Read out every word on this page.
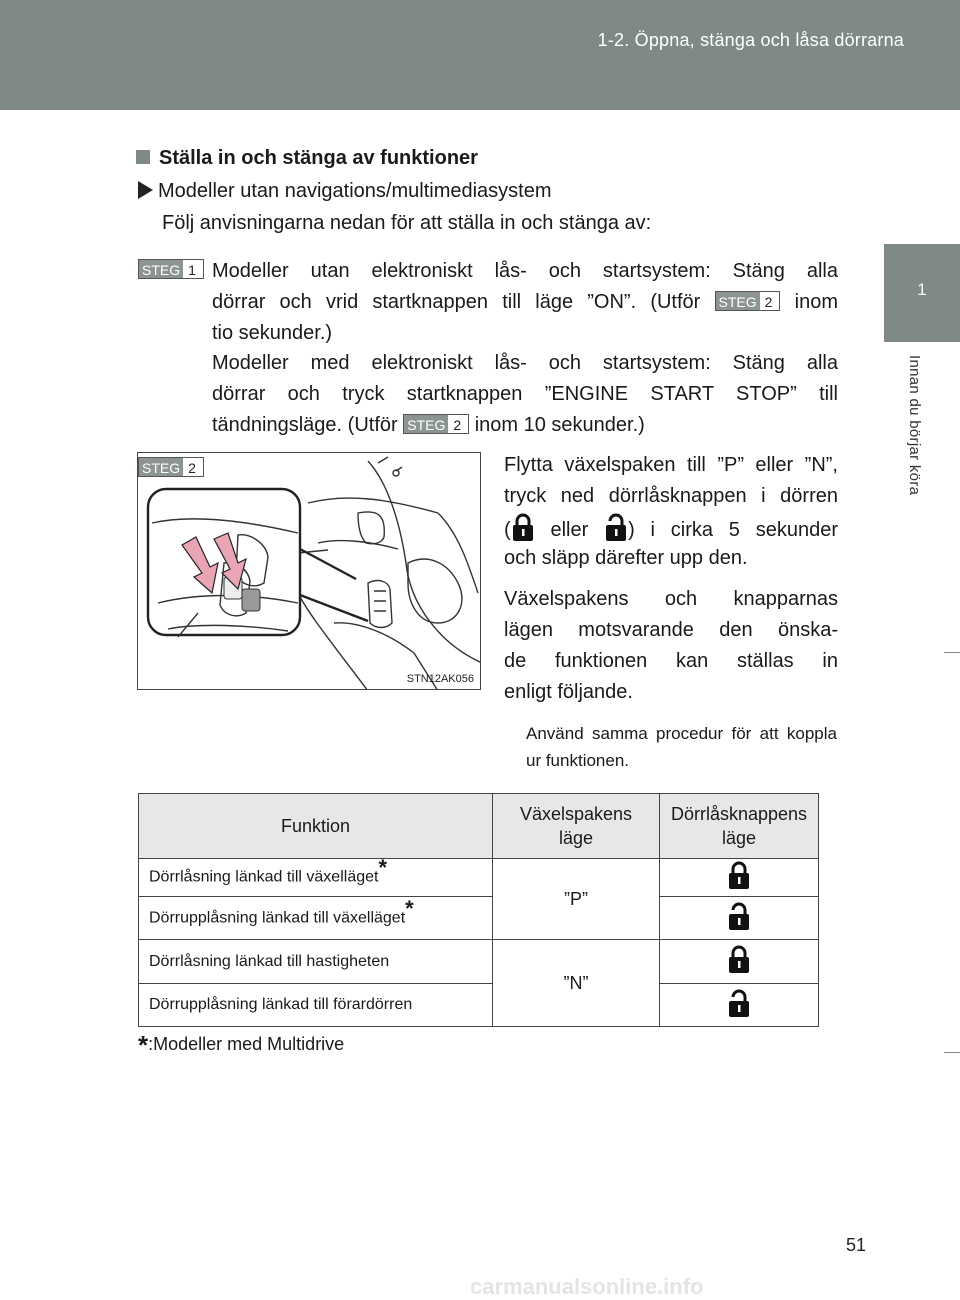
1-2. Öppna, stänga och låsa dörrarna
1
Innan du börjar köra
Ställa in och stänga av funktioner
Modeller utan navigations/multimediasystem
Följ anvisningarna nedan för att ställa in och stänga av:
STEG 1 Modeller utan elektroniskt lås- och startsystem: Stäng alla
dörrar och vrid startknappen till läge ”ON”. (Utför STEG 2	inom
tio sekunder.)
Modeller med elektroniskt lås- och startsystem: Stäng alla
dörrar och tryck startknappen ”ENGINE START STOP” till
tändningsläge. (Utför STEG 2 inom 10 sekunder.)
STEG 2
STN12AK056
Flytta växelspaken till ”P” eller ”N”,
tryck ned dörrlåsknappen i dörren
( eller ) i cirka 5 sekunder
och släpp därefter upp den.
Växelspakens och knapparnas
lägen motsvarande den önska-
de funktionen kan ställas in
enligt följande.
Använd samma procedur för att koppla ur funktionen.
Funktion	Växelspakens läge	Dörrlåsknappens läge
Dörrlåsning länkad till växelläget*	”P”	
Dörrupplåsning länkad till växelläget*	
Dörrlåsning länkad till hastigheten	”N”	
Dörrupplåsning länkad till förardörren	
*:Modeller med Multidrive
51
carmanualsonline.info
